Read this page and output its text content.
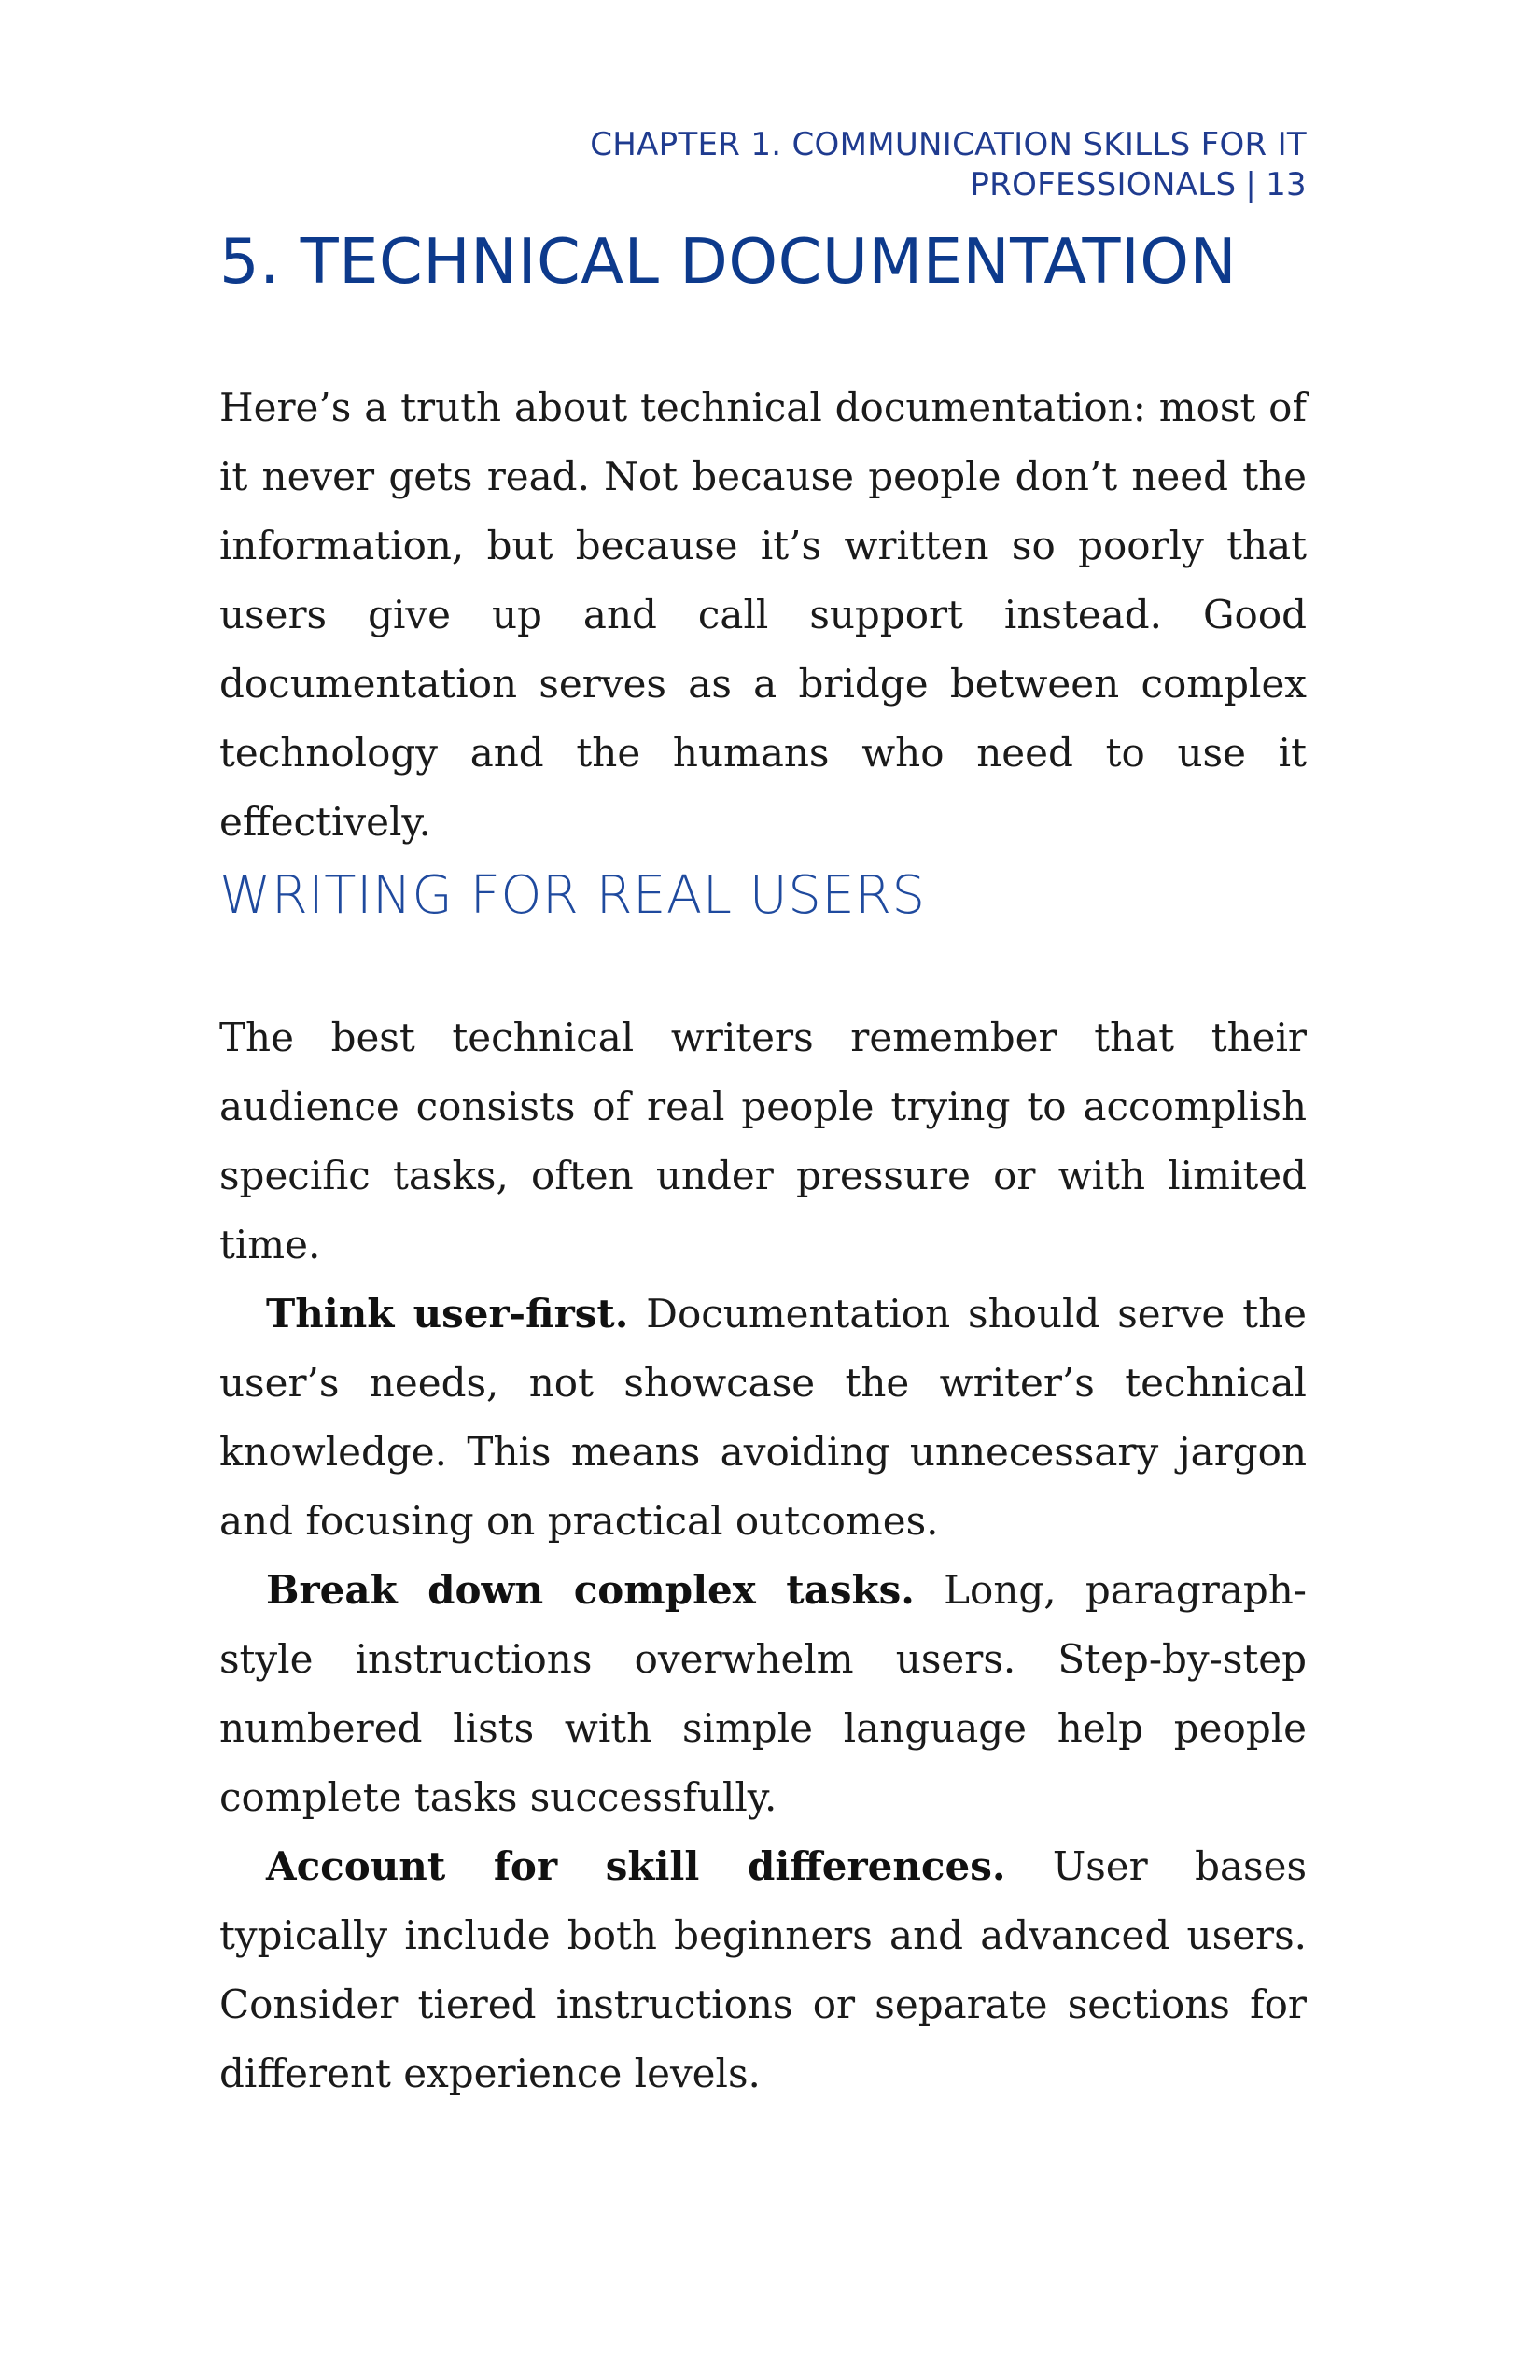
CHAPTER 1. COMMUNICATION SKILLS FOR IT
PROFESSIONALS | 13
5. TECHNICAL DOCUMENTATION

Here’s a truth about technical documentation: most of it never gets read. Not because people don’t need the information, but because it’s written so poorly that users give up and call support instead. Good documentation serves as a bridge between complex technology and the humans who need to use it effectively.

WRITING FOR REAL USERS

The best technical writers remember that their audience consists of real people trying to accomplish specific tasks, often under pressure or with limited time.

Think user-first. Documentation should serve the user’s needs, not showcase the writer’s technical knowledge. This means avoiding unnecessary jargon and focusing on practical outcomes.

Break down complex tasks. Long, paragraph-style instructions overwhelm users. Step-by-step numbered lists with simple language help people complete tasks successfully.

Account for skill differences. User bases typically include both beginners and advanced users. Consider tiered instructions or separate sections for different experience levels.
